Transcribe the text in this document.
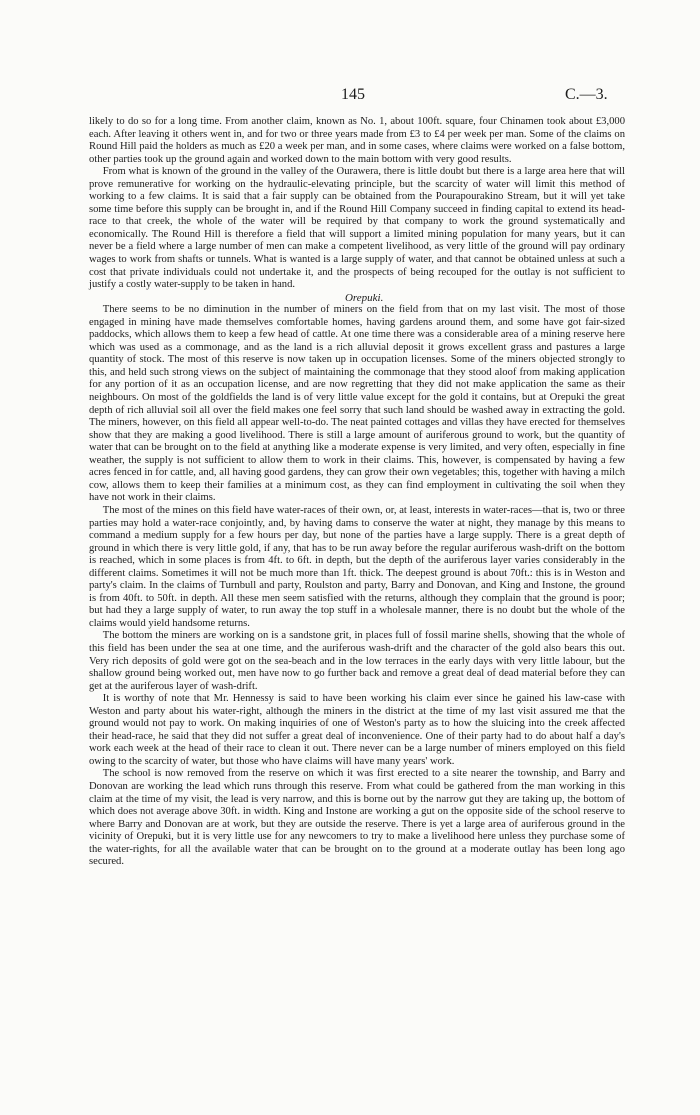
145	C.—3.

likely to do so for a long time. From another claim, known as No. 1, about 100ft. square, four Chinamen took about £3,000 each. After leaving it others went in, and for two or three years made from £3 to £4 per week per man. Some of the claims on Round Hill paid the holders as much as £20 a week per man, and in some cases, where claims were worked on a false bottom, other parties took up the ground again and worked down to the main bottom with very good results.

From what is known of the ground in the valley of the Ourawera, there is little doubt but there is a large area here that will prove remunerative for working on the hydraulic-elevating principle, but the scarcity of water will limit this method of working to a few claims. It is said that a fair supply can be obtained from the Pourapourakino Stream, but it will yet take some time before this supply can be brought in, and if the Round Hill Company succeed in finding capital to extend its head-race to that creek, the whole of the water will be required by that company to work the ground systematically and economically. The Round Hill is therefore a field that will support a limited mining population for many years, but it can never be a field where a large number of men can make a competent livelihood, as very little of the ground will pay ordinary wages to work from shafts or tunnels. What is wanted is a large supply of water, and that cannot be obtained unless at such a cost that private individuals could not undertake it, and the prospects of being recouped for the outlay is not sufficient to justify a costly water-supply to be taken in hand.

Orepuki.

There seems to be no diminution in the number of miners on the field from that on my last visit. The most of those engaged in mining have made themselves comfortable homes, having gardens around them, and some have got fair-sized paddocks, which allows them to keep a few head of cattle. At one time there was a considerable area of a mining reserve here which was used as a commonage, and as the land is a rich alluvial deposit it grows excellent grass and pastures a large quantity of stock. The most of this reserve is now taken up in occupation licenses. Some of the miners objected strongly to this, and held such strong views on the subject of maintaining the commonage that they stood aloof from making application for any portion of it as an occupation license, and are now regretting that they did not make application the same as their neighbours. On most of the goldfields the land is of very little value except for the gold it contains, but at Orepuki the great depth of rich alluvial soil all over the field makes one feel sorry that such land should be washed away in extracting the gold. The miners, however, on this field all appear well-to-do. The neat painted cottages and villas they have erected for themselves show that they are making a good livelihood. There is still a large amount of auriferous ground to work, but the quantity of water that can be brought on to the field at anything like a moderate expense is very limited, and very often, especially in fine weather, the supply is not sufficient to allow them to work in their claims. This, however, is compensated by having a few acres fenced in for cattle, and, all having good gardens, they can grow their own vegetables; this, together with having a milch cow, allows them to keep their families at a minimum cost, as they can find employment in cultivating the soil when they have not work in their claims.

The most of the mines on this field have water-races of their own, or, at least, interests in water-races—that is, two or three parties may hold a water-race conjointly, and, by having dams to conserve the water at night, they manage by this means to command a medium supply for a few hours per day, but none of the parties have a large supply. There is a great depth of ground in which there is very little gold, if any, that has to be run away before the regular auriferous wash-drift on the bottom is reached, which in some places is from 4ft. to 6ft. in depth, but the depth of the auriferous layer varies considerably in the different claims. Sometimes it will not be much more than 1ft. thick. The deepest ground is about 70ft.: this is in Weston and party's claim. In the claims of Turnbull and party, Roulston and party, Barry and Donovan, and King and Instone, the ground is from 40ft. to 50ft. in depth. All these men seem satisfied with the returns, although they complain that the ground is poor; but had they a large supply of water, to run away the top stuff in a wholesale manner, there is no doubt but the whole of the claims would yield handsome returns.

The bottom the miners are working on is a sandstone grit, in places full of fossil marine shells, showing that the whole of this field has been under the sea at one time, and the auriferous wash-drift and the character of the gold also bears this out. Very rich deposits of gold were got on the sea-beach and in the low terraces in the early days with very little labour, but the shallow ground being worked out, men have now to go further back and remove a great deal of dead material before they can get at the auriferous layer of wash-drift.

It is worthy of note that Mr. Hennessy is said to have been working his claim ever since he gained his law-case with Weston and party about his water-right, although the miners in the district at the time of my last visit assured me that the ground would not pay to work. On making inquiries of one of Weston's party as to how the sluicing into the creek affected their head-race, he said that they did not suffer a great deal of inconvenience. One of their party had to do about half a day's work each week at the head of their race to clean it out. There never can be a large number of miners employed on this field owing to the scarcity of water, but those who have claims will have many years' work.

The school is now removed from the reserve on which it was first erected to a site nearer the township, and Barry and Donovan are working the lead which runs through this reserve. From what could be gathered from the man working in this claim at the time of my visit, the lead is very narrow, and this is borne out by the narrow gut they are taking up, the bottom of which does not average above 30ft. in width. King and Instone are working a gut on the opposite side of the school reserve to where Barry and Donovan are at work, but they are outside the reserve. There is yet a large area of auriferous ground in the vicinity of Orepuki, but it is very little use for any newcomers to try to make a livelihood here unless they purchase some of the water-rights, for all the available water that can be brought on to the ground at a moderate outlay has been long ago secured.
